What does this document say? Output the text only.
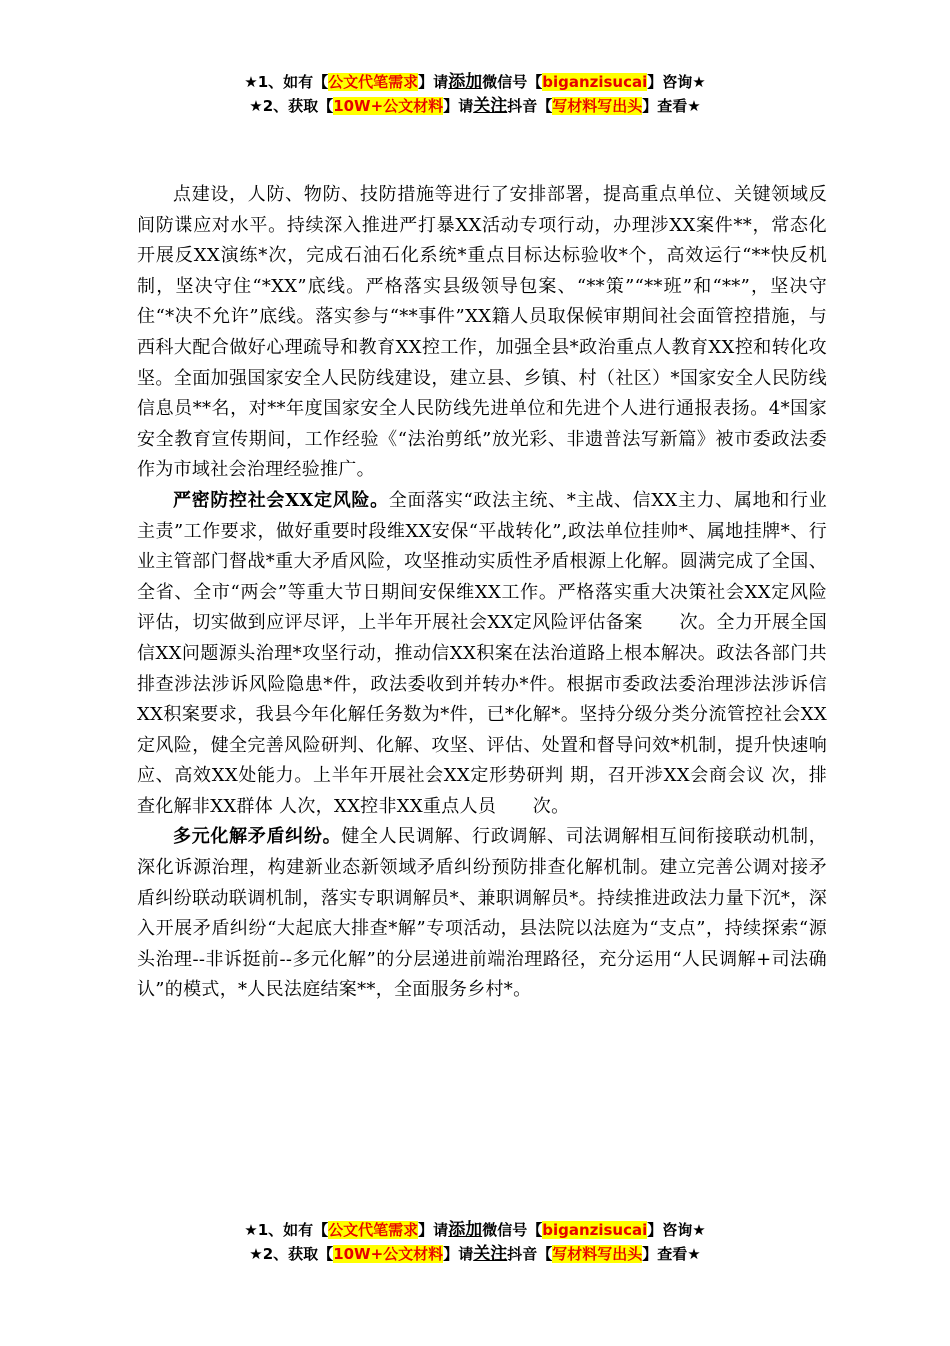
★1、如有【公文代笔需求】请添加微信号【biganzisucai】咨询★
★2、获取【10W+公文材料】请关注抖音【写材料写出头】查看★

点建设，人防、物防、技防措施等进行了安排部署，提高重点单位、关键领域反间防谍应对水平。持续深入推进严打暴XX活动专项行动，办理涉XX案件**，常态化开展反XX演练*次，完成石油石化系统*重点目标达标验收*个，高效运行“**快反机制，坚决守住“*XX”底线。严格落实县级领导包案、“**策”“**班”和“**”，坚决守住“*决不允许”底线。落实参与“**事件”XX籍人员取保候审期间社会面管控措施，与西科大配合做好心理疏导和教育XX控工作，加强全县*政治重点人教育XX控和转化攻坚。全面加强国家安全人民防线建设，建立县、乡镇、村（社区）*国家安全人民防线信息员**名，对**年度国家安全人民防线先进单位和先进个人进行通报表扬。4*国家安全教育宣传期间，工作经验《“法治剪纸”放光彩、非遗普法写新篇》被市委政法委作为市域社会治理经验推广。

严密防控社会XX定风险。全面落实“政法主统、*主战、信XX主力、属地和行业主责”工作要求，做好重要时段维XX安保“平战转化”,政法单位挂帅*、属地挂牌*、行业主管部门督战*重大矛盾风险，攻坚推动实质性矛盾根源上化解。圆满完成了全国、全省、全市“两会”等重大节日期间安保维XX工作。严格落实重大决策社会XX定风险评估，切实做到应评尽评，上半年开展社会XX定风险评估备案　　次。全力开展全国信XX问题源头治理*攻坚行动，推动信XX积案在法治道路上根本解决。政法各部门共排查涉法涉诉风险隐患*件，政法委收到并转办*件。根据市委政法委治理涉法涉诉信XX积案要求，我县今年化解任务数为*件，已*化解*。坚持分级分类分流管控社会XX定风险，健全完善风险研判、化解、攻坚、评估、处置和督导问效*机制，提升快速响应、高效XX处能力。上半年开展社会XX定形势研判 期，召开涉XX会商会议 次，排查化解非XX群体 人次，XX控非XX重点人员　　次。

多元化解矛盾纠纷。健全人民调解、行政调解、司法调解相互间衔接联动机制，深化诉源治理，构建新业态新领域矛盾纠纷预防排查化解机制。建立完善公调对接矛盾纠纷联动联调机制，落实专职调解员*、兼职调解员*。持续推进政法力量下沉*，深入开展矛盾纠纷“大起底大排查*解”专项活动，县法院以法庭为“支点”，持续探索“源头治理--非诉挺前--多元化解”的分层递进前端治理路径，充分运用“人民调解+司法确认”的模式，*人民法庭结案**，全面服务乡村*。

★1、如有【公文代笔需求】请添加微信号【biganzisucai】咨询★
★2、获取【10W+公文材料】请关注抖音【写材料写出头】查看★
